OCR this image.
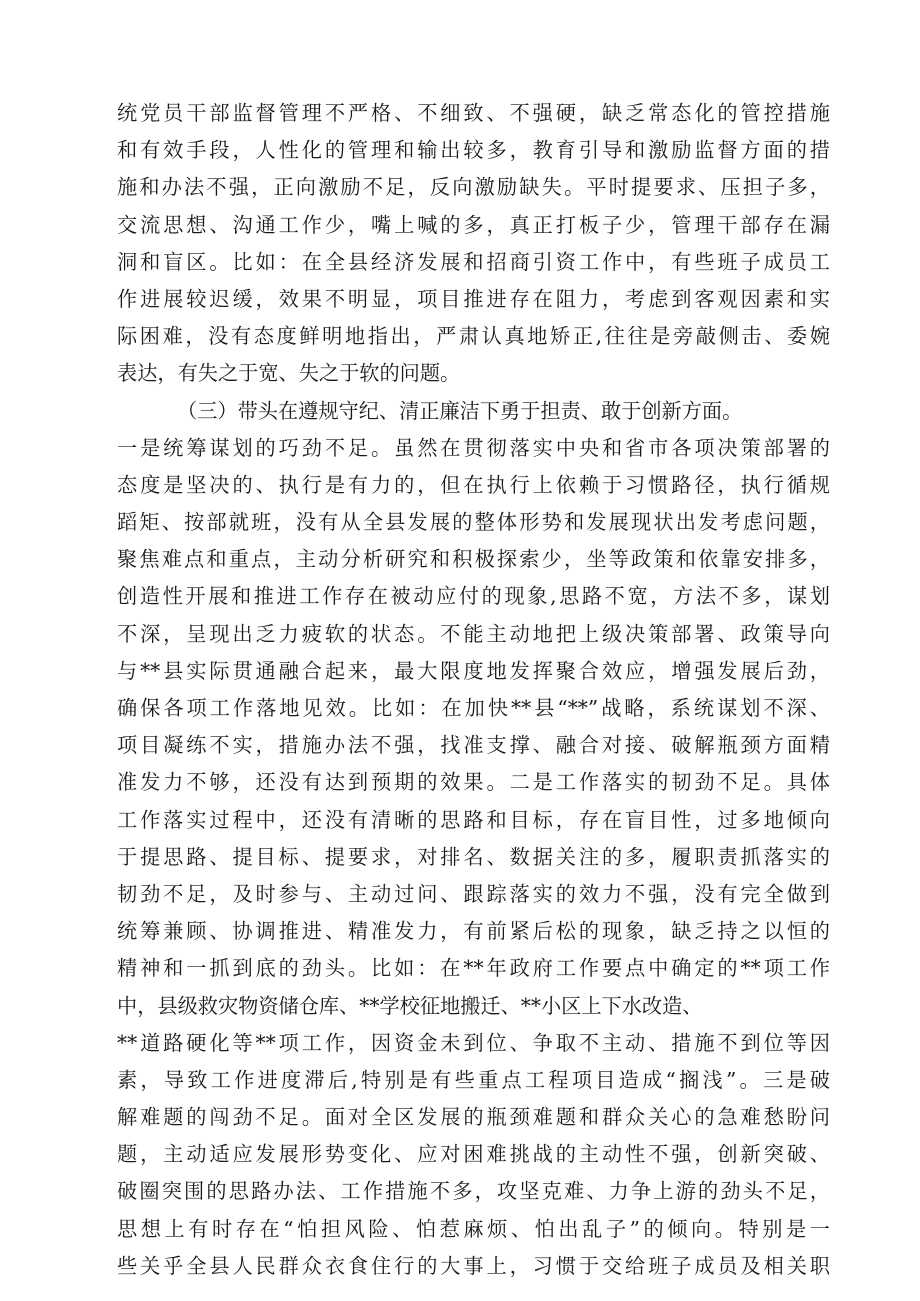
统党员干部监督管理不严格、不细致、不强硬，缺乏常态化的管控措施
和有效手段，人性化的管理和输出较多，教育引导和激励监督方面的措
施和办法不强，正向激励不足，反向激励缺失。平时提要求、压担子多，
交流思想、沟通工作少，嘴上喊的多，真正打板子少，管理干部存在漏
洞和盲区。比如：在全县经济发展和招商引资工作中，有些班子成员工
作进展较迟缓，效果不明显，项目推进存在阻力，考虑到客观因素和实
际困难，没有态度鲜明地指出，严肃认真地矫正,往往是旁敲侧击、委婉
表达，有失之于宽、失之于软的问题。
（三）带头在遵规守纪、清正廉洁下勇于担责、敢于创新方面。
一是统筹谋划的巧劲不足。虽然在贯彻落实中央和省市各项决策部署的
态度是坚决的、执行是有力的，但在执行上依赖于习惯路径，执行循规
蹈矩、按部就班，没有从全县发展的整体形势和发展现状出发考虑问题，
聚焦难点和重点，主动分析研究和积极探索少，坐等政策和依靠安排多，
创造性开展和推进工作存在被动应付的现象,思路不宽，方法不多，谋划
不深，呈现出乏力疲软的状态。不能主动地把上级决策部署、政策导向
与**县实际贯通融合起来，最大限度地发挥聚合效应，增强发展后劲，
确保各项工作落地见效。比如：在加快**县“**”战略，系统谋划不深、
项目凝练不实，措施办法不强，找准支撑、融合对接、破解瓶颈方面精
准发力不够，还没有达到预期的效果。二是工作落实的韧劲不足。具体
工作落实过程中，还没有清晰的思路和目标，存在盲目性，过多地倾向
于提思路、提目标、提要求，对排名、数据关注的多，履职责抓落实的
韧劲不足，及时参与、主动过问、跟踪落实的效力不强，没有完全做到
统筹兼顾、协调推进、精准发力，有前紧后松的现象，缺乏持之以恒的
精神和一抓到底的劲头。比如：在**年政府工作要点中确定的**项工作
中，县级救灾物资储仓库、**学校征地搬迁、**小区上下水改造、
**道路硬化等**项工作，因资金未到位、争取不主动、措施不到位等因
素，导致工作进度滞后,特别是有些重点工程项目造成“搁浅”。三是破
解难题的闯劲不足。面对全区发展的瓶颈难题和群众关心的急难愁盼问
题，主动适应发展形势变化、应对困难挑战的主动性不强，创新突破、
破圈突围的思路办法、工作措施不多，攻坚克难、力争上游的劲头不足，
思想上有时存在“怕担风险、怕惹麻烦、怕出乱子”的倾向。特别是一
些关乎全县人民群众衣食住行的大事上，习惯于交给班子成员及相关职
